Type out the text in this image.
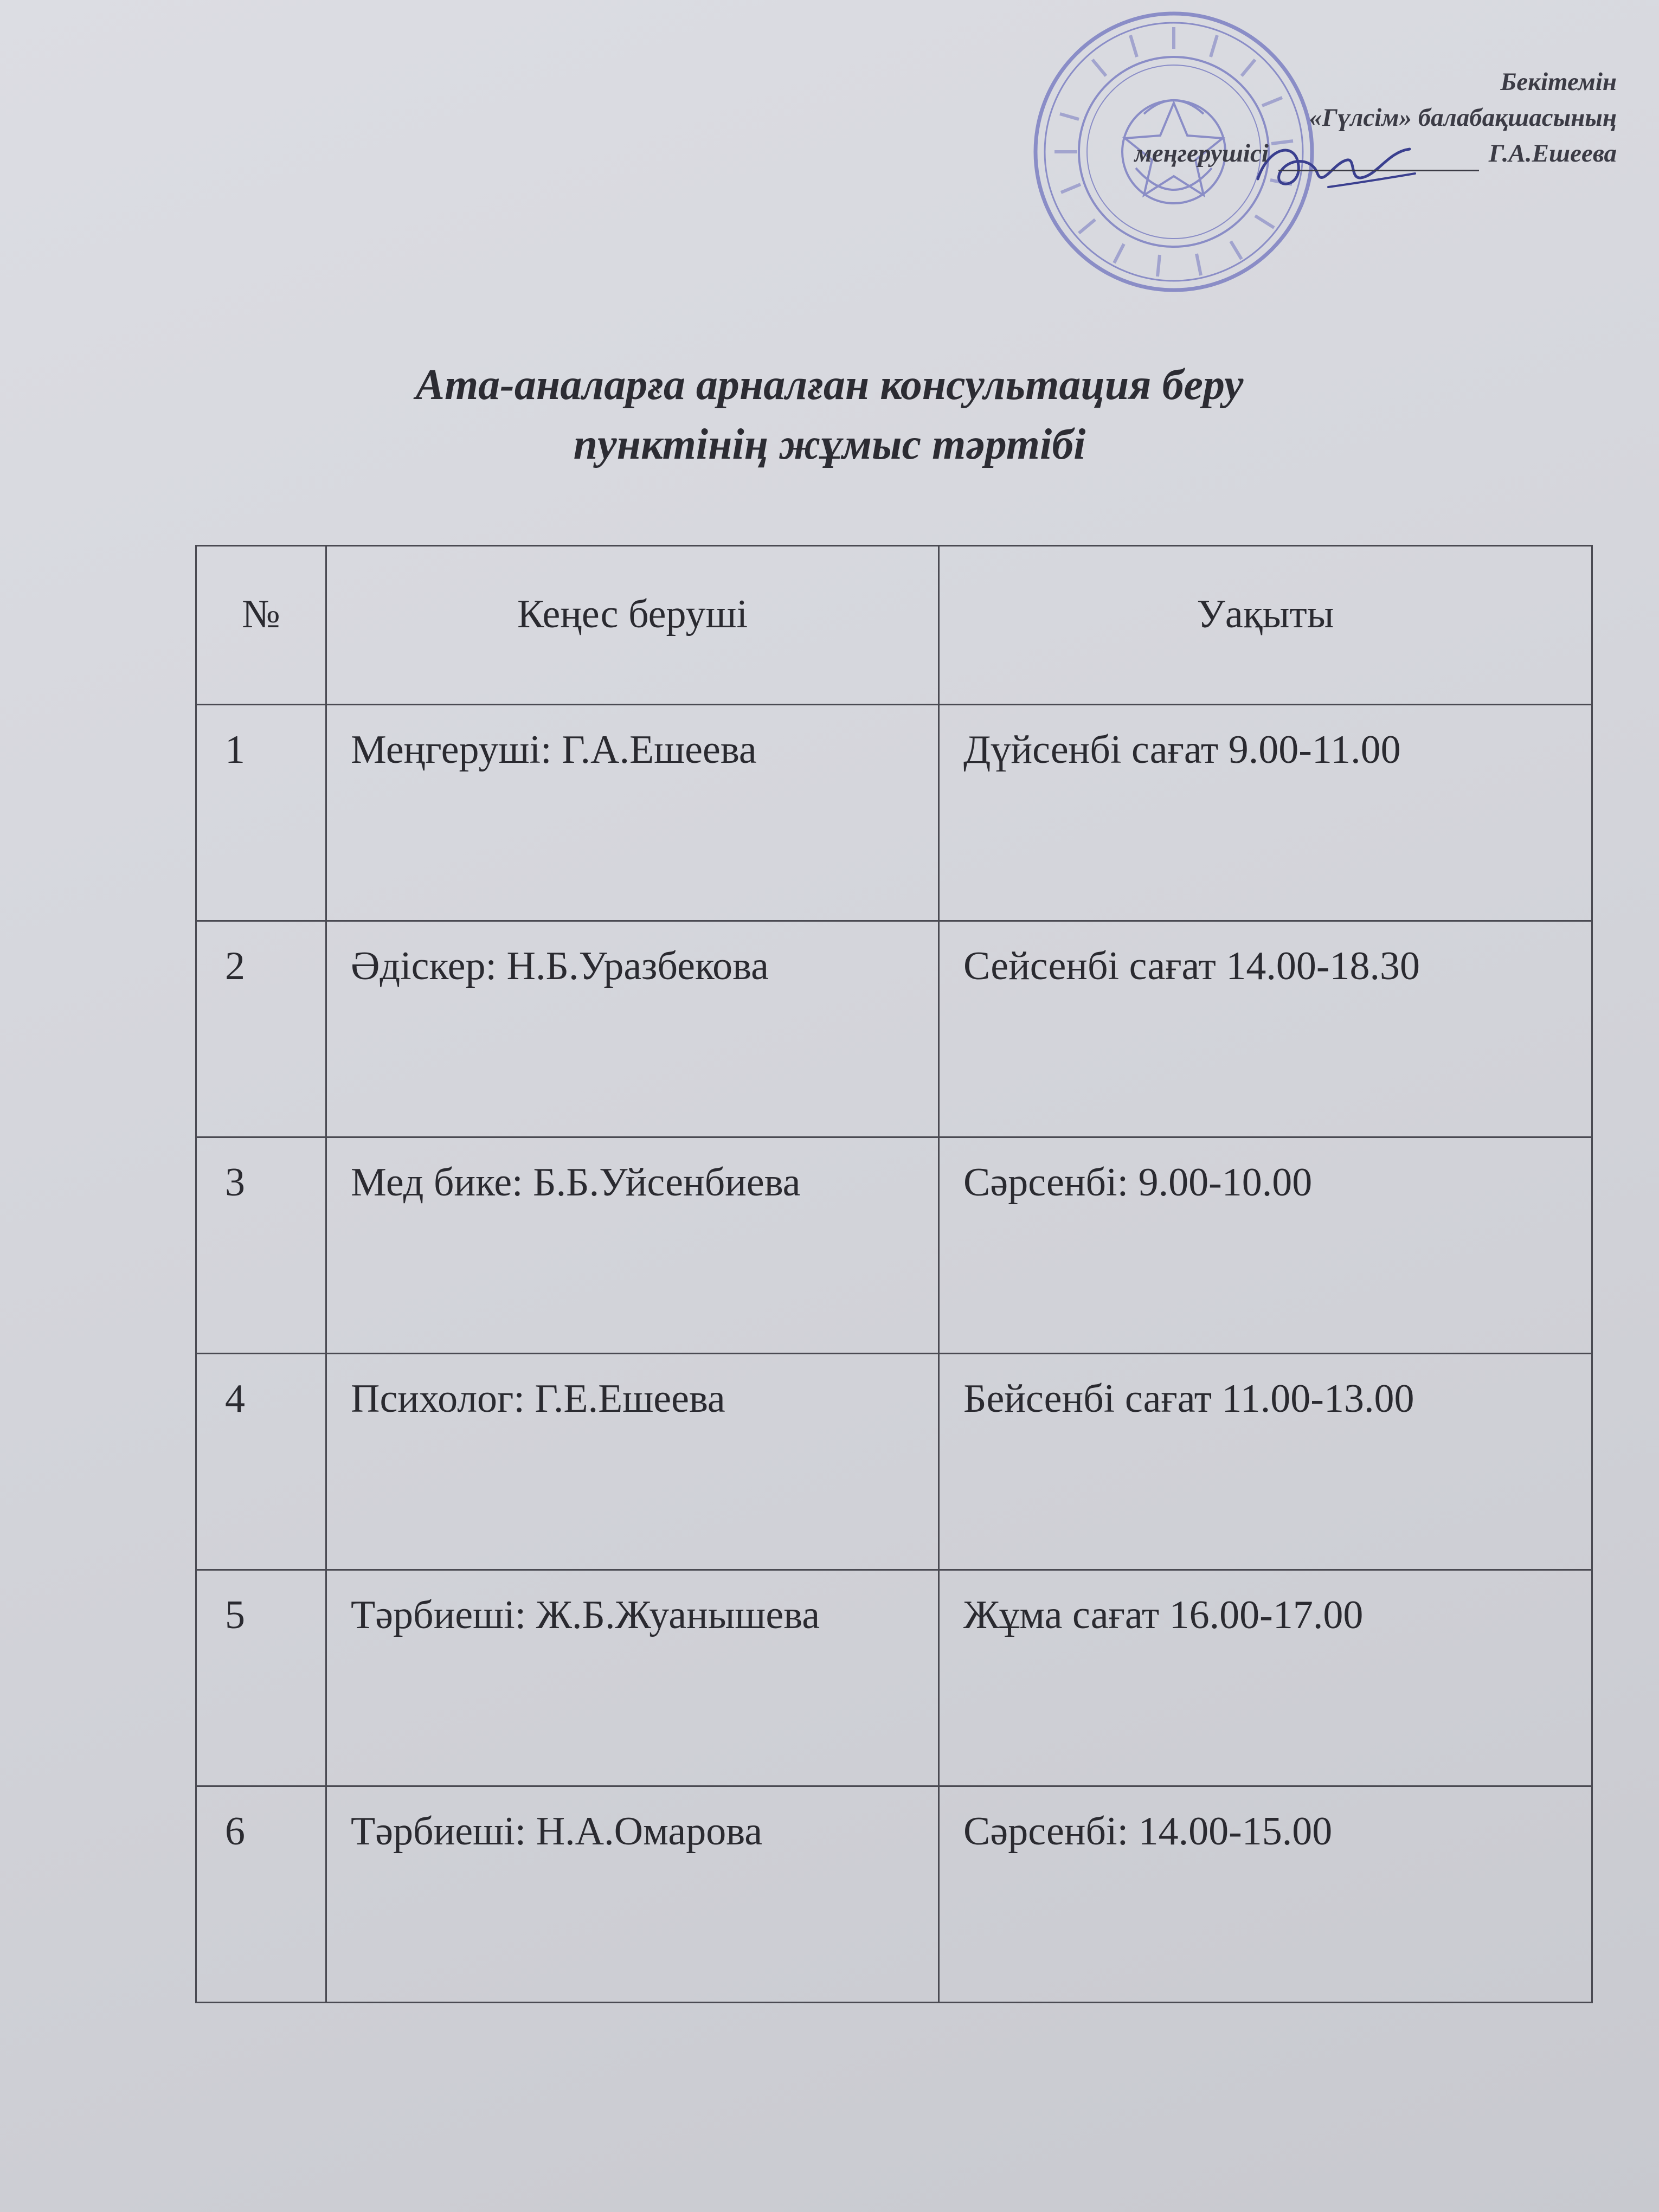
Бекітемін
«Гүлсім» балабақшасының
меңгерушісі	Г.А.Ешеева
Ата-аналарға арналған консультация беру
пунктінің жұмыс тәртібі
№	Кеңес беруші	Уақыты
1	Меңгеруші: Г.А.Ешеева	Дүйсенбі сағат 9.00-11.00
2	Әдіскер: Н.Б.Уразбекова	Сейсенбі сағат 14.00-18.30
3	Мед бике: Б.Б.Уйсенбиева	Сәрсенбі: 9.00-10.00
4	Психолог: Г.Е.Ешеева	Бейсенбі сағат 11.00-13.00
5	Тәрбиеші: Ж.Б.Жуанышева	Жұма сағат 16.00-17.00
6	Тәрбиеші: Н.А.Омарова	Сәрсенбі: 14.00-15.00
